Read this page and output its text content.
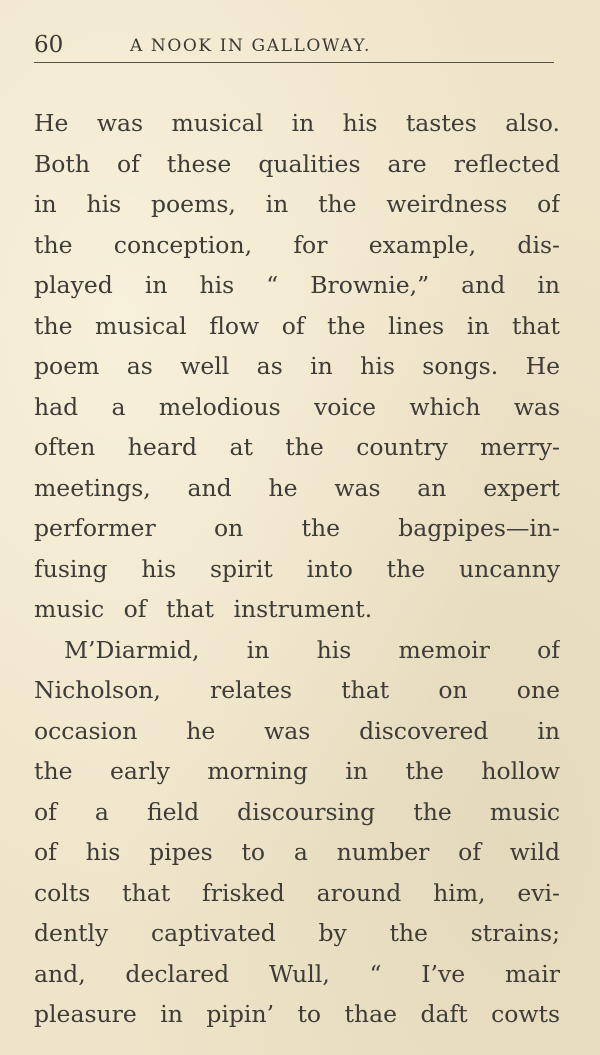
60	A NOOK IN GALLOWAY.
He was musical in his tastes also.
Both of these qualities are reflected
in his poems, in the weirdness of
the conception, for example, dis-
played in his “ Brownie,” and in
the musical flow of the lines in that
poem as well as in his songs. He
had a melodious voice which was
often heard at the country merry-
meetings, and he was an expert
performer on the bagpipes—in-
fusing his spirit into the uncanny
music of that instrument.
M’Diarmid, in his memoir of
Nicholson, relates that on one
occasion he was discovered in
the early morning in the hollow
of a field discoursing the music
of his pipes to a number of wild
colts that frisked around him, evi-
dently captivated by the strains;
and, declared Wull, “ I’ve mair
pleasure in pipin’ to thae daft cowts
